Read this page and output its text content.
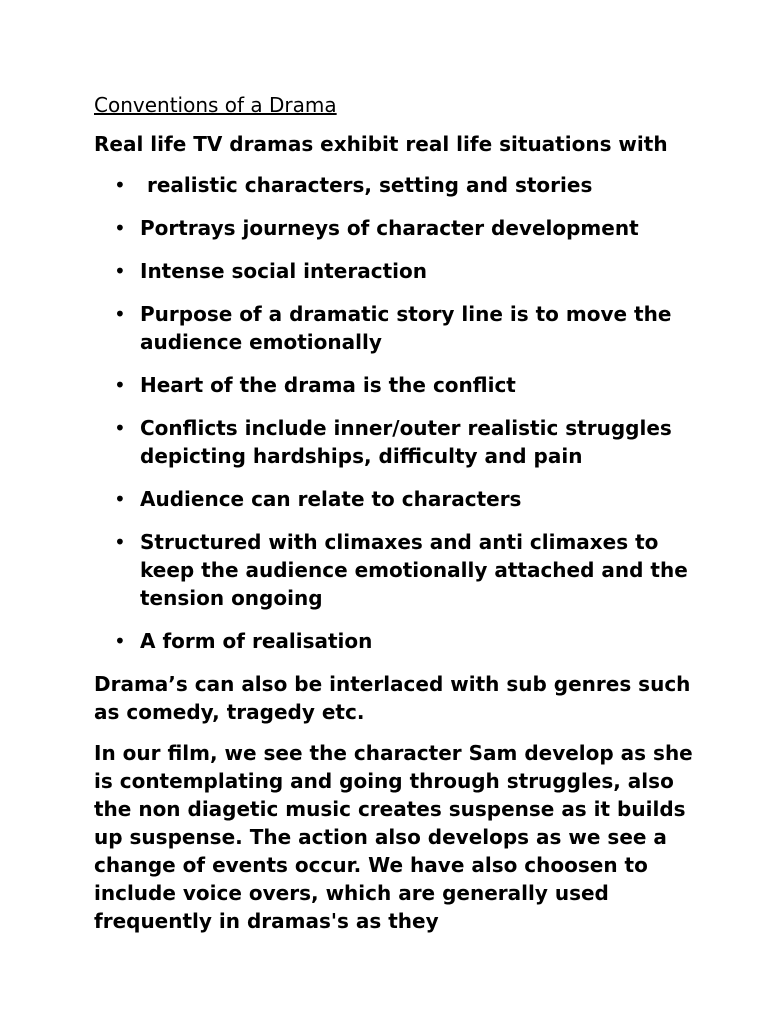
Conventions of a Drama
Real life TV dramas exhibit real life situations with
• realistic characters, setting and stories
• Portrays journeys of character development
• Intense social interaction
• Purpose of a dramatic story line is to move the audience emotionally
• Heart of the drama is the conflict
• Conflicts include inner/outer realistic struggles depicting hardships, difficulty and pain
• Audience can relate to characters
• Structured with climaxes and anti climaxes to keep the audience emotionally attached and the tension ongoing
• A form of realisation
Drama’s can also be interlaced with sub genres such as comedy, tragedy etc.
In our film, we see the character Sam develop as she is contemplating and going through struggles, also the non diagetic music creates suspense as it builds up suspense. The action also develops as we see a change of events occur. We have also choosen to include voice overs, which are generally used frequently in dramas's as they
